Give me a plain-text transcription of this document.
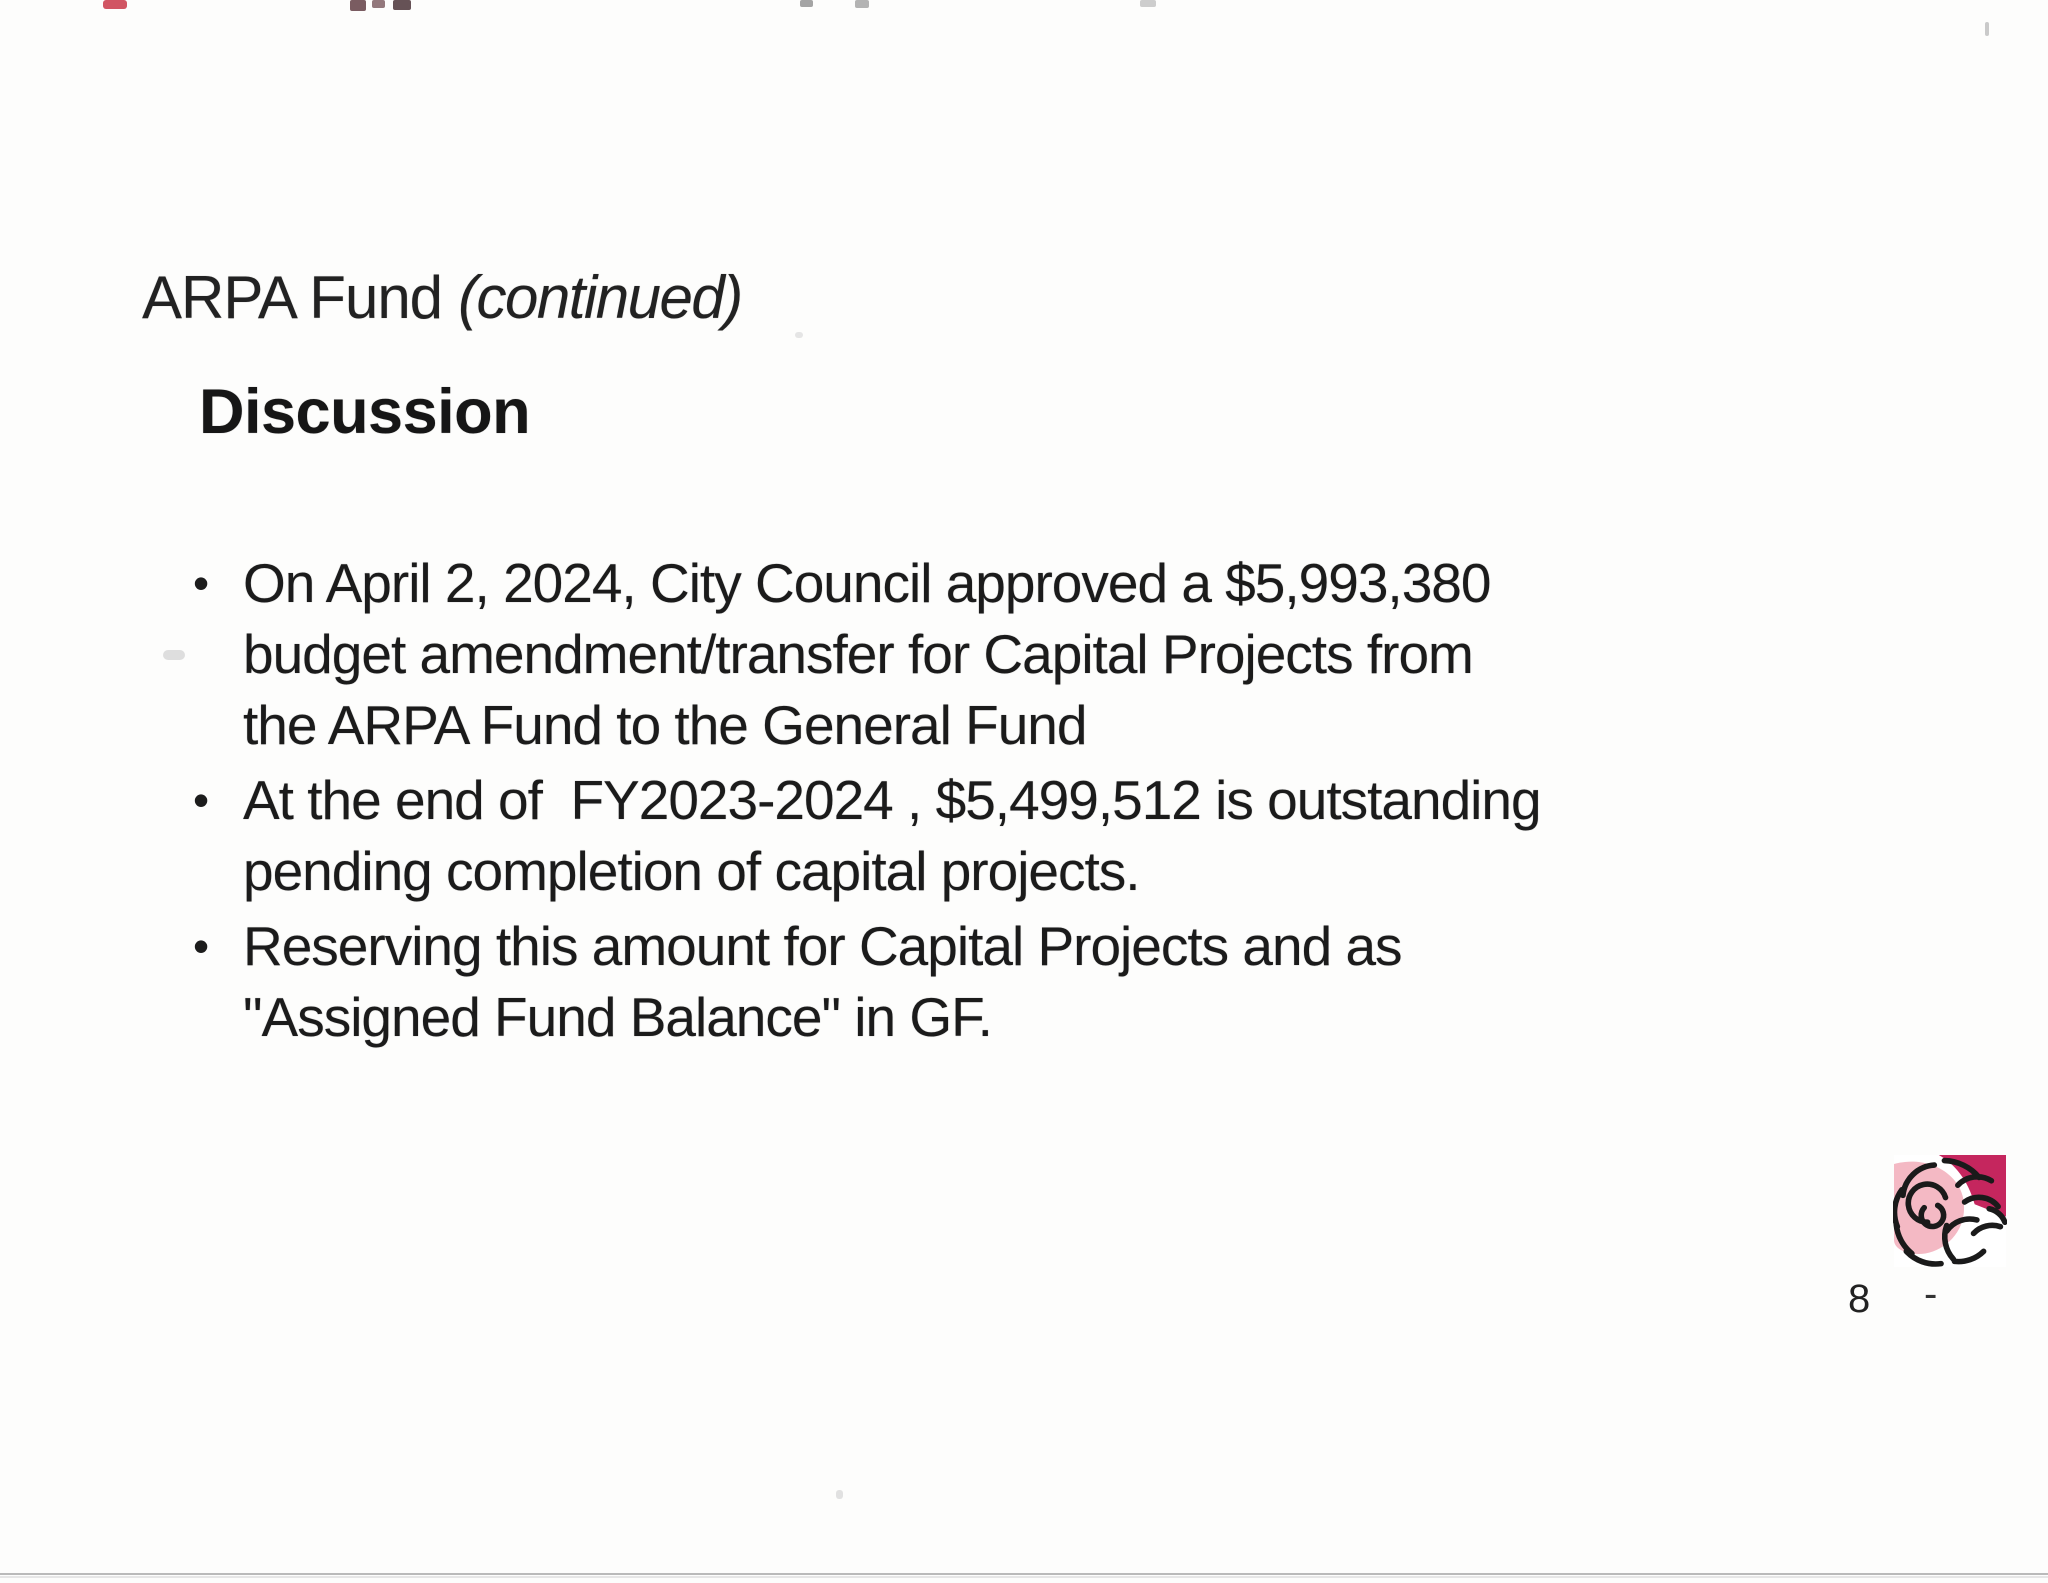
ARPA Fund (continued)
Discussion
• On April 2, 2024, City Council approved a $5,993,380
budget amendment/transfer for Capital Projects from
the ARPA Fund to the General Fund
• At the end of  FY2023-2024 , $5,499,512 is outstanding
pending completion of capital projects.
• Reserving this amount for Capital Projects and as
"Assigned Fund Balance" in GF.
8 -
